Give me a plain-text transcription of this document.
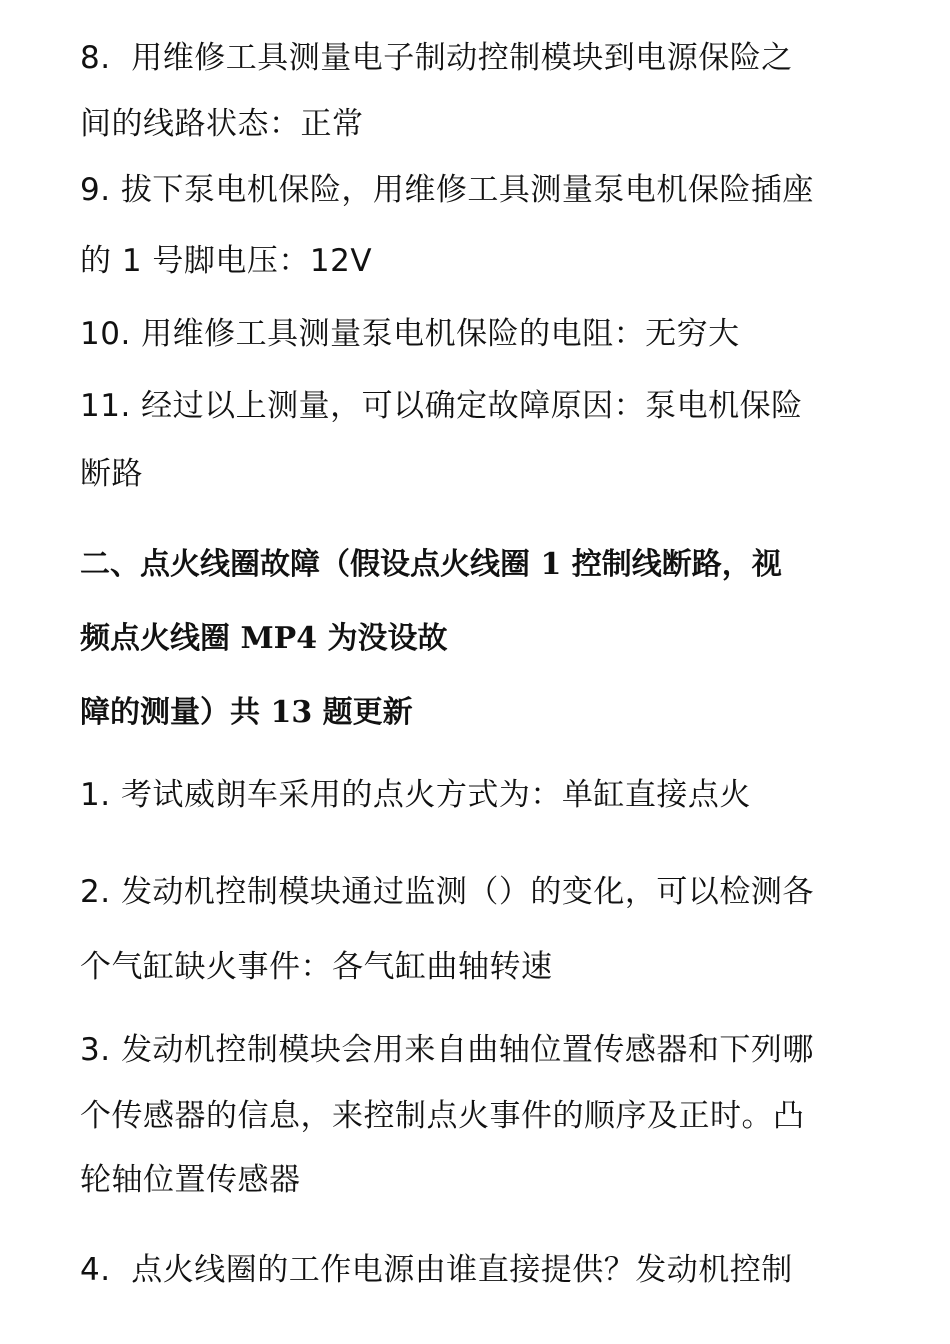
8. 用维修工具测量电子制动控制模块到电源保险之
间的线路状态：正常
9. 拔下泵电机保险，用维修工具测量泵电机保险插座
的 1 号脚电压：12V
10. 用维修工具测量泵电机保险的电阻：无穷大
11. 经过以上测量，可以确定故障原因：泵电机保险
断路
二、点火线圈故障（假设点火线圈 1 控制线断路，视
频点火线圈 MP4 为没设故
障的测量）共 13 题更新
1. 考试威朗车采用的点火方式为：单缸直接点火
2. 发动机控制模块通过监测（）的变化，可以检测各
个气缸缺火事件：各气缸曲轴转速
3. 发动机控制模块会用来自曲轴位置传感器和下列哪
个传感器的信息，来控制点火事件的顺序及正时。凸
轮轴位置传感器
4. 点火线圈的工作电源由谁直接提供？发动机控制
